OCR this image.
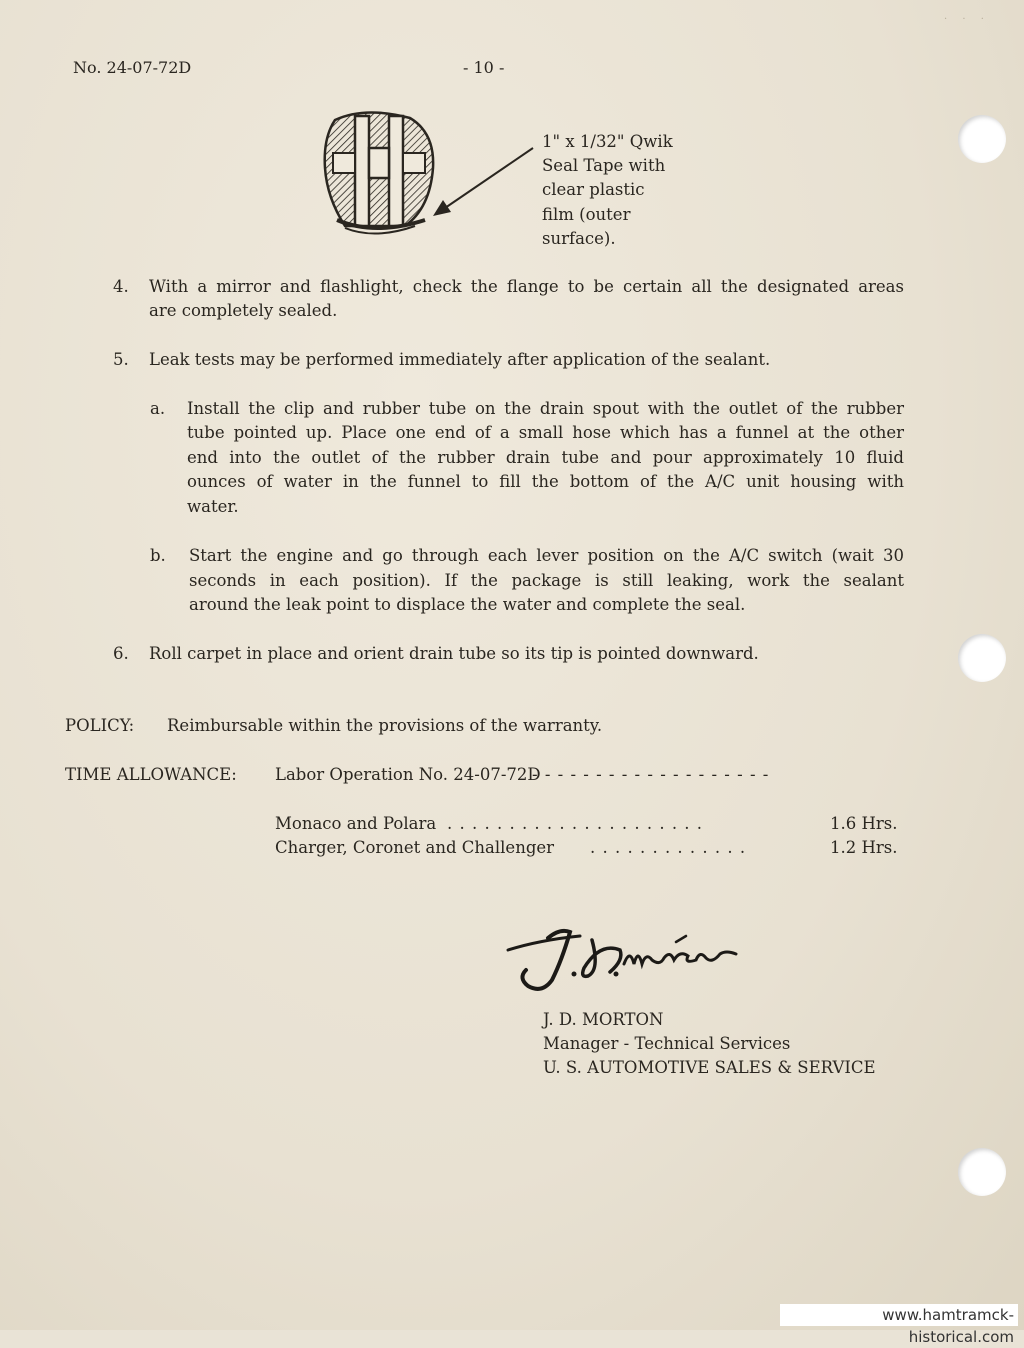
No. 24-07-72D	- 10 -
1" x 1/32" Qwik
Seal Tape with
clear plastic
film (outer
surface).
4. With a mirror and flashlight, check the flange to be certain all the designated areas
are completely sealed.
5. Leak tests may be performed immediately after application of the sealant.
a. Install the clip and rubber tube on the drain spout with the outlet of the rubber
tube pointed up. Place one end of a small hose which has a funnel at the other
end into the outlet of the rubber drain tube and pour approximately 10 fluid
ounces of water in the funnel to fill the bottom of the A/C unit housing with
water.
b. Start the engine and go through each lever position on the A/C switch (wait 30
seconds in each position). If the package is still leaking, work the sealant
around the leak point to displace the water and complete the seal.
6. Roll carpet in place and orient drain tube so its tip is pointed downward.
POLICY: Reimbursable within the provisions of the warranty.
TIME ALLOWANCE: Labor Operation No. 24-07-72D
- - - - - - - - - - - - - - - - - - -
Monaco and Polara . . . . . . . . . . . . . . . . . . . . .	1.6 Hrs.
Charger, Coronet and Challenger . . . . . . . . . . . . .	1.2 Hrs.
J. D. MORTON
Manager - Technical Services
U. S. AUTOMOTIVE SALES & SERVICE
· · ·
www.hamtramck-historical.com
